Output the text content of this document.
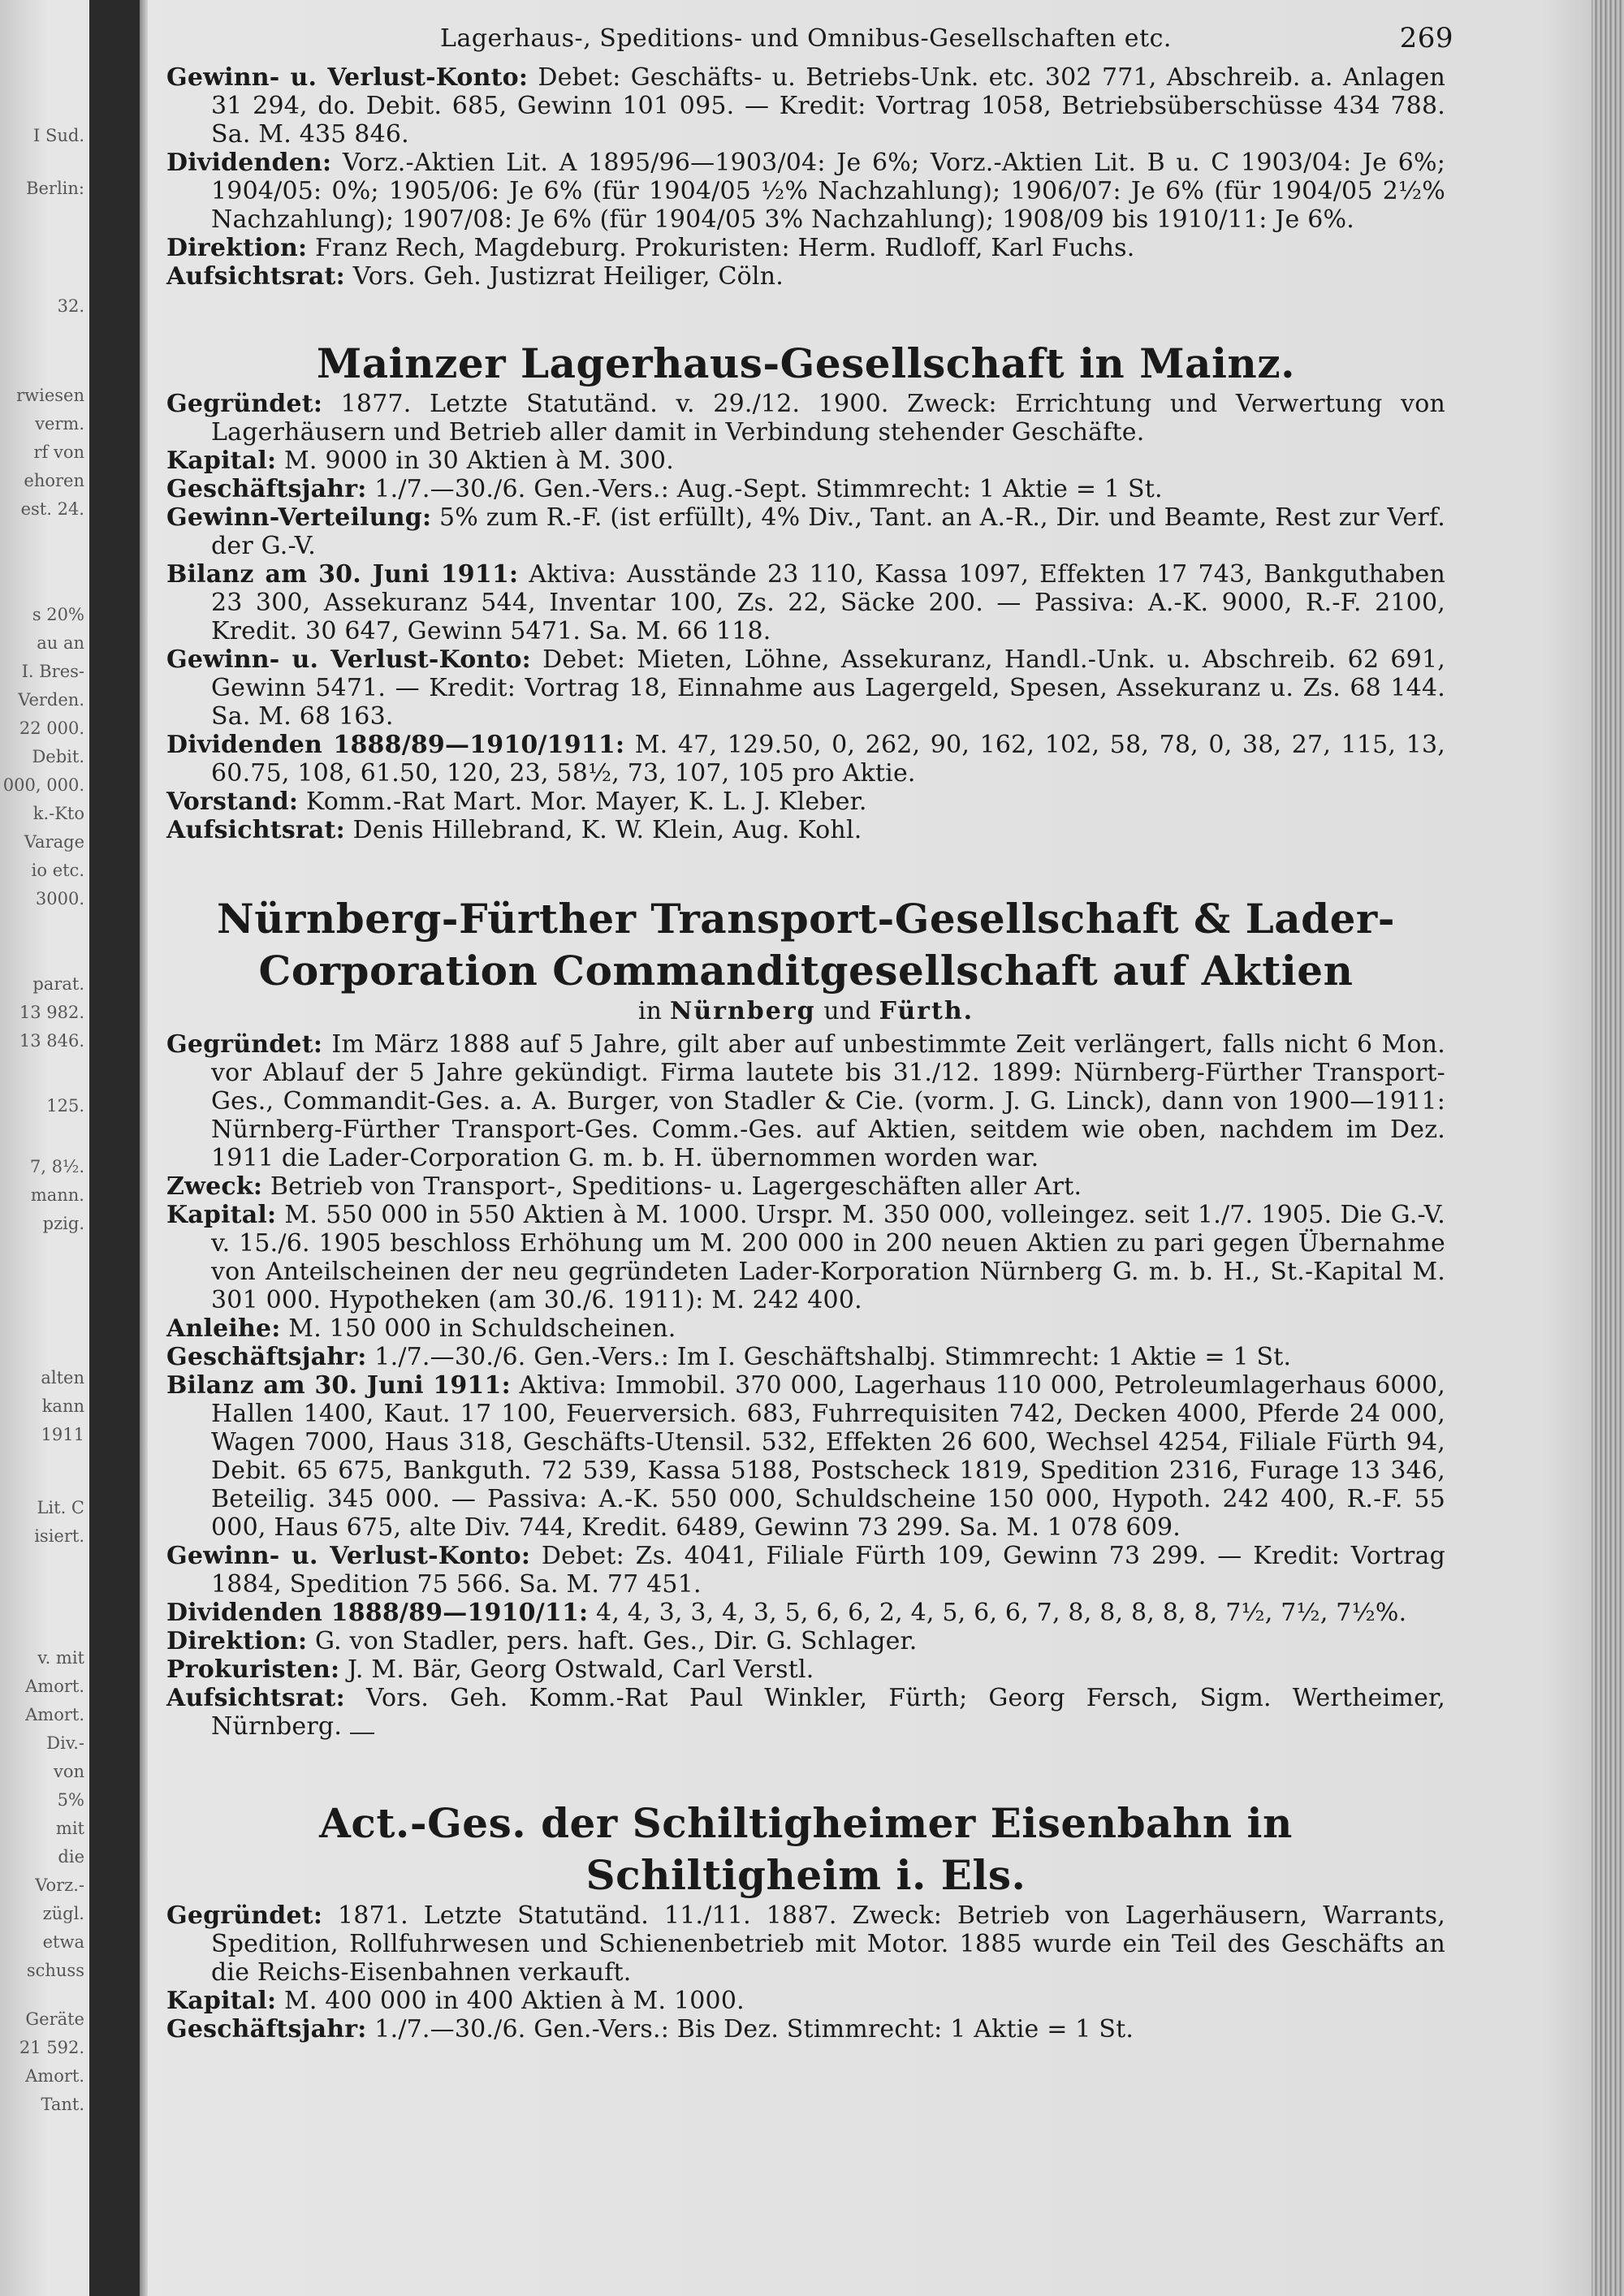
I Sud.
Berlin:
32.
rwiesen
verm.
rf von
ehoren
est. 24.
s 20%
au an
I. Bres-
Verden.
22 000.
Debit.
000, 000.
k.-Kto
Varage
io etc.
3000.
parat.
13 982.
13 846.
125.
7, 8½.
mann.
pzig.
alten
kann
1911
Lit. C
isiert.
v. mit
Amort.
Amort.
Div.-
von
5%
mit
die
Vorz.-
zügl.
etwa
schuss
Geräte
21 592.
Amort.
Tant.
Lagerhaus-, Speditions- und Omnibus-Gesellschaften etc.	269

Gewinn- u. Verlust-Konto: Debet: Geschäfts- u. Betriebs-Unk. etc. 302 771, Abschreib. a. Anlagen 31 294, do. Debit. 685, Gewinn 101 095. — Kredit: Vortrag 1058, Betriebsüberschüsse 434 788. Sa. M. 435 846.

Dividenden: Vorz.-Aktien Lit. A 1895/96—1903/04: Je 6%; Vorz.-Aktien Lit. B u. C 1903/04: Je 6%; 1904/05: 0%; 1905/06: Je 6% (für 1904/05 ½% Nachzahlung); 1906/07: Je 6% (für 1904/05 2½% Nachzahlung); 1907/08: Je 6% (für 1904/05 3% Nachzahlung); 1908/09 bis 1910/11: Je 6%.

Direktion: Franz Rech, Magdeburg. Prokuristen: Herm. Rudloff, Karl Fuchs.

Aufsichtsrat: Vors. Geh. Justizrat Heiliger, Cöln.

Mainzer Lagerhaus-Gesellschaft in Mainz.

Gegründet: 1877. Letzte Statutänd. v. 29./12. 1900. Zweck: Errichtung und Verwertung von Lagerhäusern und Betrieb aller damit in Verbindung stehender Geschäfte.

Kapital: M. 9000 in 30 Aktien à M. 300.

Geschäftsjahr: 1./7.—30./6. Gen.-Vers.: Aug.-Sept. Stimmrecht: 1 Aktie = 1 St.

Gewinn-Verteilung: 5% zum R.-F. (ist erfüllt), 4% Div., Tant. an A.-R., Dir. und Beamte, Rest zur Verf. der G.-V.

Bilanz am 30. Juni 1911: Aktiva: Ausstände 23 110, Kassa 1097, Effekten 17 743, Bankguthaben 23 300, Assekuranz 544, Inventar 100, Zs. 22, Säcke 200. — Passiva: A.-K. 9000, R.-F. 2100, Kredit. 30 647, Gewinn 5471. Sa. M. 66 118.

Gewinn- u. Verlust-Konto: Debet: Mieten, Löhne, Assekuranz, Handl.-Unk. u. Abschreib. 62 691, Gewinn 5471. — Kredit: Vortrag 18, Einnahme aus Lagergeld, Spesen, Assekuranz u. Zs. 68 144. Sa. M. 68 163.

Dividenden 1888/89—1910/1911: M. 47, 129.50, 0, 262, 90, 162, 102, 58, 78, 0, 38, 27, 115, 13, 60.75, 108, 61.50, 120, 23, 58½, 73, 107, 105 pro Aktie.

Vorstand: Komm.-Rat Mart. Mor. Mayer, K. L. J. Kleber.

Aufsichtsrat: Denis Hillebrand, K. W. Klein, Aug. Kohl.

Nürnberg-Fürther Transport-Gesellschaft & Lader-
Corporation Commanditgesellschaft auf Aktien
in Nürnberg und Fürth.

Gegründet: Im März 1888 auf 5 Jahre, gilt aber auf unbestimmte Zeit verlängert, falls nicht 6 Mon. vor Ablauf der 5 Jahre gekündigt. Firma lautete bis 31./12. 1899: Nürnberg-Fürther Transport-Ges., Commandit-Ges. a. A. Burger, von Stadler & Cie. (vorm. J. G. Linck), dann von 1900—1911: Nürnberg-Fürther Transport-Ges. Comm.-Ges. auf Aktien, seitdem wie oben, nachdem im Dez. 1911 die Lader-Corporation G. m. b. H. übernommen worden war.

Zweck: Betrieb von Transport-, Speditions- u. Lagergeschäften aller Art.

Kapital: M. 550 000 in 550 Aktien à M. 1000. Urspr. M. 350 000, volleingez. seit 1./7. 1905. Die G.-V. v. 15./6. 1905 beschloss Erhöhung um M. 200 000 in 200 neuen Aktien zu pari gegen Übernahme von Anteilscheinen der neu gegründeten Lader-Korporation Nürnberg G. m. b. H., St.-Kapital M. 301 000. Hypotheken (am 30./6. 1911): M. 242 400.

Anleihe: M. 150 000 in Schuldscheinen.

Geschäftsjahr: 1./7.—30./6. Gen.-Vers.: Im I. Geschäftshalbj. Stimmrecht: 1 Aktie = 1 St.

Bilanz am 30. Juni 1911: Aktiva: Immobil. 370 000, Lagerhaus 110 000, Petroleumlagerhaus 6000, Hallen 1400, Kaut. 17 100, Feuerversich. 683, Fuhrrequisiten 742, Decken 4000, Pferde 24 000, Wagen 7000, Haus 318, Geschäfts-Utensil. 532, Effekten 26 600, Wechsel 4254, Filiale Fürth 94, Debit. 65 675, Bankguth. 72 539, Kassa 5188, Postscheck 1819, Spedition 2316, Furage 13 346, Beteilig. 345 000. — Passiva: A.-K. 550 000, Schuldscheine 150 000, Hypoth. 242 400, R.-F. 55 000, Haus 675, alte Div. 744, Kredit. 6489, Gewinn 73 299. Sa. M. 1 078 609.

Gewinn- u. Verlust-Konto: Debet: Zs. 4041, Filiale Fürth 109, Gewinn 73 299. — Kredit: Vortrag 1884, Spedition 75 566. Sa. M. 77 451.

Dividenden 1888/89—1910/11: 4, 4, 3, 3, 4, 3, 5, 6, 6, 2, 4, 5, 6, 6, 7, 8, 8, 8, 8, 8, 7½, 7½, 7½%.

Direktion: G. von Stadler, pers. haft. Ges., Dir. G. Schlager.

Prokuristen: J. M. Bär, Georg Ostwald, Carl Verstl.

Aufsichtsrat: Vors. Geh. Komm.-Rat Paul Winkler, Fürth; Georg Fersch, Sigm. Wertheimer, Nürnberg.

Act.-Ges. der Schiltigheimer Eisenbahn in Schiltigheim i. Els.

Gegründet: 1871. Letzte Statutänd. 11./11. 1887. Zweck: Betrieb von Lagerhäusern, Warrants, Spedition, Rollfuhrwesen und Schienenbetrieb mit Motor. 1885 wurde ein Teil des Geschäfts an die Reichs-Eisenbahnen verkauft.

Kapital: M. 400 000 in 400 Aktien à M. 1000.

Geschäftsjahr: 1./7.—30./6. Gen.-Vers.: Bis Dez. Stimmrecht: 1 Aktie = 1 St.
